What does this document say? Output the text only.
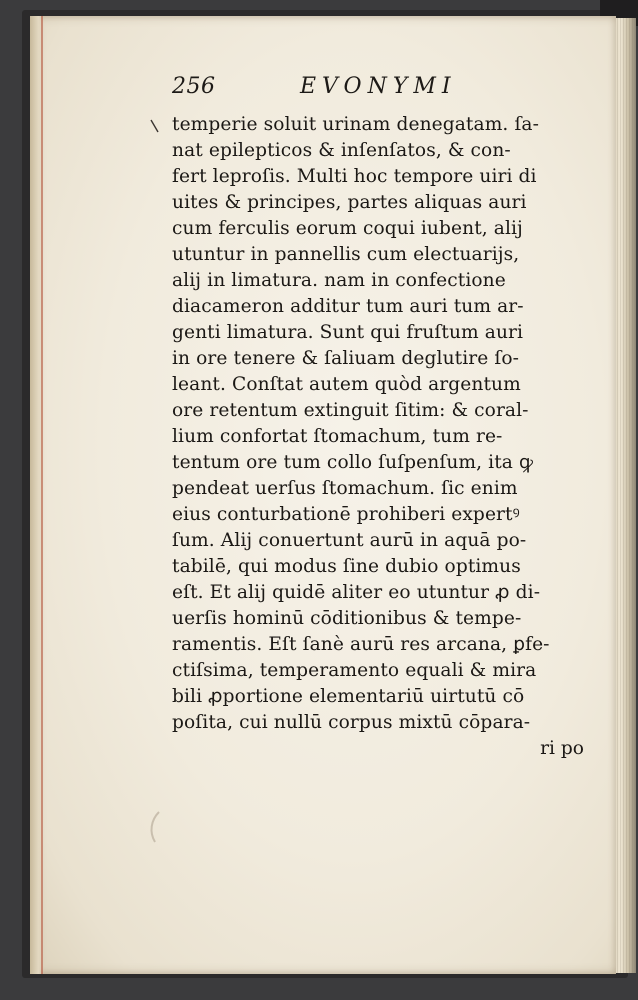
256	EVONYMI
temperie soluit urinam denegatam. ſa-
nat epilepticos & inſenſatos, & con-
fert leproſis. Multi hoc tempore uiri di
uites & principes, partes aliquas auri
cum ferculis eorum coqui iubent, alij
utuntur in pannellis cum electuarijs,
alij in limatura. nam in confectione
diacameron additur tum auri tum ar-
genti limatura. Sunt qui fruſtum auri
in ore tenere & ſaliuam deglutire ſo-
leant. Conſtat autem quòd argentum
ore retentum extinguit ſitim: & coral-
lium confortat ſtomachum, tum re-
tentum ore tum collo ſuſpenſum, ita ꝙ
pendeat uerſus ſtomachum. ſic enim
eius conturbationē prohiberi expertꝰ
ſum. Alij conuertunt aurū in aquā po-
tabilē, qui modus ſine dubio optimus
eſt. Et alij quidē aliter eo utuntur ꝓ di-
uerſis hominū cōditionibus & tempe-
ramentis. Eſt ſanè aurū res arcana, ꝑfe-
ctiſsima, temperamento equali & mira
bili ꝓportione elementariū uirtutū cō
poſita, cui nullū corpus mixtū cōpara-
ri po
